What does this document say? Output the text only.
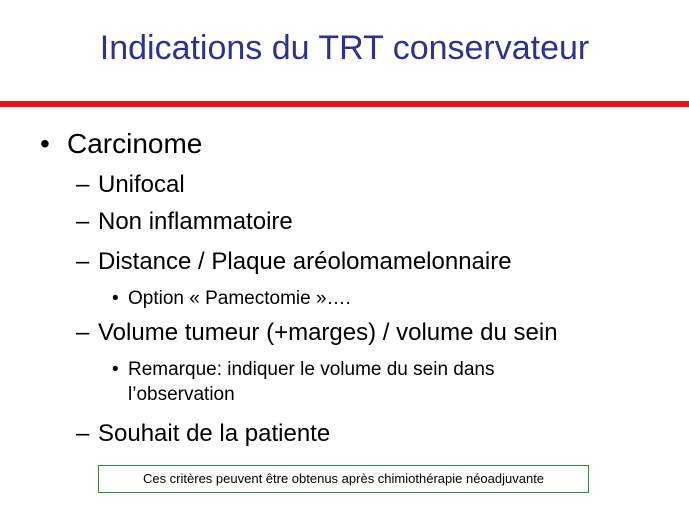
Indications du TRT conservateur
• Carcinome
– Unifocal
– Non inflammatoire
– Distance / Plaque aréolomamelonnaire
• Option « Pamectomie »….
– Volume tumeur (+marges) / volume du sein
• Remarque: indiquer le volume du sein dans l’observation
– Souhait de la patiente
Ces critères peuvent être obtenus après chimiothérapie néoadjuvante
